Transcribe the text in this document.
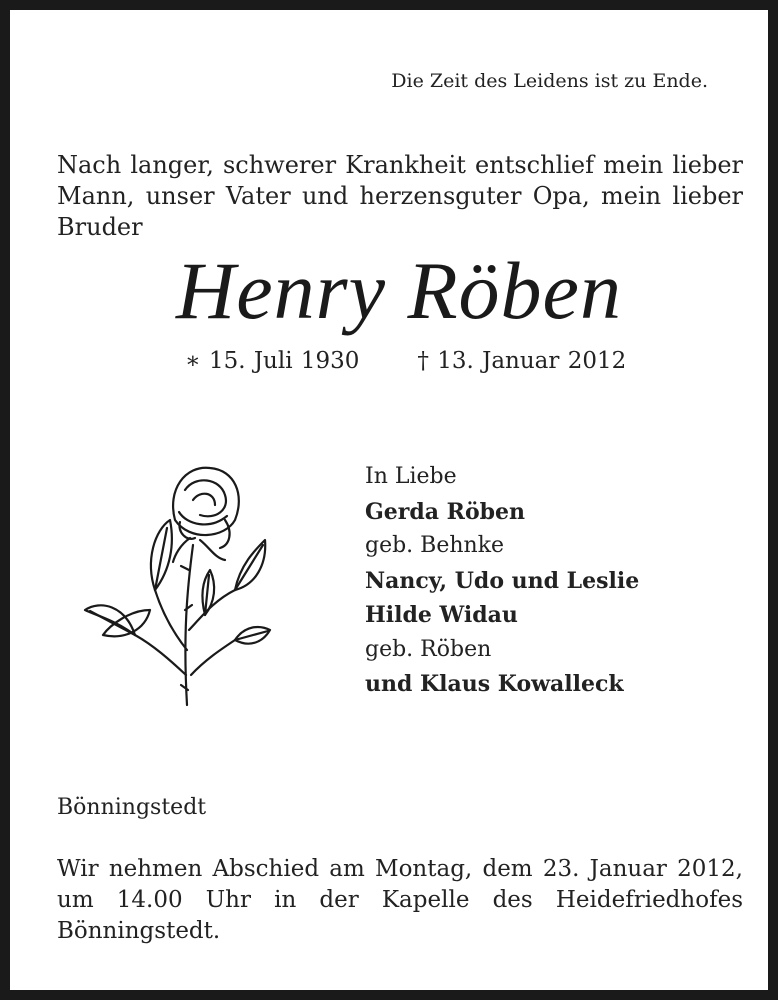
Die Zeit des Leidens ist zu Ende.
Nach langer, schwerer Krankheit entschlief mein lieber Mann, unser Vater und herzensguter Opa, mein lieber Bruder
Henry Röben
∗ 15. Juli 1930	† 13. Januar 2012
In Liebe
Gerda Röben
geb. Behnke
Nancy, Udo und Leslie
Hilde Widau
geb. Röben
und Klaus Kowalleck
Bönningstedt
Wir nehmen Abschied am Montag, dem 23. Januar 2012, um 14.00 Uhr in der Kapelle des Heidefriedhofes Bönningstedt.
